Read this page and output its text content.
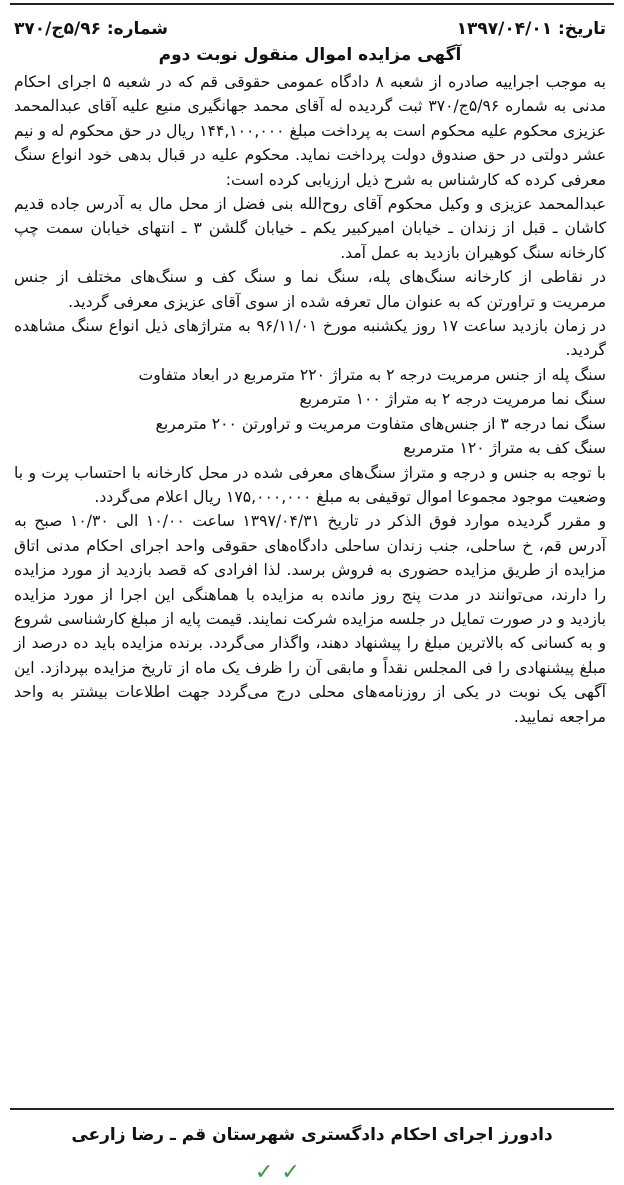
تاریخ: ۱۳۹۷/۰۴/۰۱
شماره: ۵/۹۶ج/۳۷۰
آگهی مزایده اموال منقول نوبت دوم

به موجب اجراییه صادره از شعبه ۸ دادگاه عمومی حقوقی قم که در شعبه ۵ اجرای احکام مدنی به شماره ۵/۹۶ج/۳۷۰ ثبت گردیده له آقای محمد جهانگیری منیع علیه آقای عبدالمحمد عزیزی محکوم علیه محکوم است به پرداخت مبلغ ۱۴۴,۱۰۰,۰۰۰ ریال در حق محکوم له و نیم عشر دولتی در حق صندوق دولت پرداخت نماید. محکوم علیه در قبال بدهی خود انواع سنگ معرفی کرده که کارشناس به شرح ذیل ارزیابی کرده است:

عبدالمحمد عزیزی و وکیل محکوم آقای روح‌الله بنی فضل از محل مال به آدرس جاده قدیم کاشان ـ قبل از زندان ـ خیابان امیرکبیر یکم ـ خیابان گلشن ۳ ـ انتهای خیابان سمت چپ کارخانه سنگ کوهیران بازدید به عمل آمد.

در نقاطی از کارخانه سنگ‌های پله، سنگ نما و سنگ کف و سنگ‌های مختلف از جنس مرمریت و تراورتن که به عنوان مال تعرفه شده از سوی آقای عزیزی معرفی گردید.

در زمان بازدید ساعت ۱۷ روز یکشنبه مورخ ۹۶/۱۱/۰۱ به متراژهای ذیل انواع سنگ مشاهده گردید.

سنگ پله از جنس مرمریت درجه ۲ به متراژ ۲۲۰ مترمربع در ابعاد متفاوت

سنگ نما مرمریت درجه ۲ به متراژ ۱۰۰ مترمربع

سنگ نما درجه ۳ از جنس‌های متفاوت مرمریت و تراورتن ۲۰۰ مترمربع

سنگ کف به متراژ ۱۲۰ مترمربع

با توجه به جنس و درجه و متراژ سنگ‌های معرفی شده در محل کارخانه با احتساب پرت و با وضعیت موجود مجموعا اموال توقیفی به مبلغ ۱۷۵,۰۰۰,۰۰۰ ریال اعلام می‌گردد.

و مقرر گردیده موارد فوق الذکر در تاریخ ۱۳۹۷/۰۴/۳۱ ساعت ۱۰/۰۰ الی ۱۰/۳۰ صبح به آدرس قم، خ ساحلی، جنب زندان ساحلی دادگاه‌های حقوقی واحد اجرای احکام مدنی اتاق مزایده از طریق مزایده حضوری به فروش برسد. لذا افرادی که قصد بازدید از مورد مزایده را دارند، می‌توانند در مدت پنج روز مانده به مزایده با هماهنگی این اجرا از مورد مزایده بازدید و در صورت تمایل در جلسه مزایده شرکت نمایند. قیمت پایه از مبلغ کارشناسی شروع و به کسانی که بالاترین مبلغ را پیشنهاد دهند، واگذار می‌گردد. برنده مزایده باید ده درصد از مبلغ پیشنهادی را فی المجلس نقداً و مابقی آن را ظرف یک ماه از تاریخ مزایده بپردازد. این آگهی یک نوبت در یکی از روزنامه‌های محلی درج می‌گردد جهت اطلاعات بیشتر به واحد مراجعه نمایید.

دادورز اجرای احکام دادگستری شهرستان قم ـ رضا زارعی
✓✓
